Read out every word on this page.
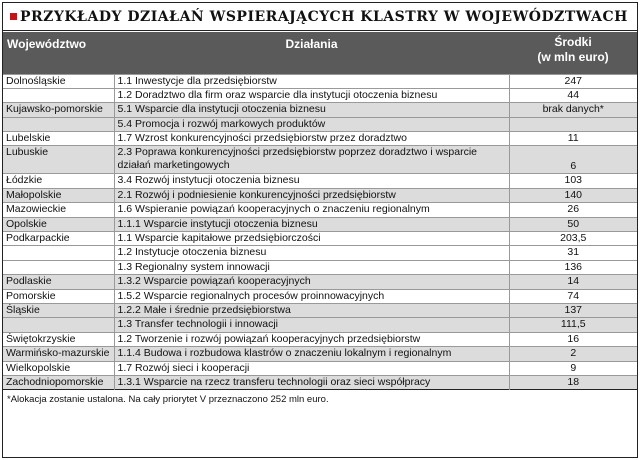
PRZYKŁADY DZIAŁAŃ WSPIERAJĄCYCH KLASTRY W WOJEWÓDZTWACH
Województwo	Działania	Środki
(w mln euro)

Dolnośląskie	1.1 Inwestycje dla przedsiębiorstw	247
	1.2 Doradztwo dla firm oraz wsparcie dla instytucji otoczenia biznesu	44
Kujawsko-pomorskie	5.1 Wsparcie dla instytucji otoczenia biznesu	brak danych*
	5.4 Promocja i rozwój markowych produktów	
Lubelskie	1.7 Wzrost konkurencyjności przedsiębiorstw przez doradztwo	11
Lubuskie	2.3 Poprawa konkurencyjności przedsiębiorstw poprzez doradztwo i wsparcie działań marketingowych	6
Łódzkie	3.4 Rozwój instytucji otoczenia biznesu	103
Małopolskie	2.1 Rozwój i podniesienie konkurencyjności przedsiębiorstw	140
Mazowieckie	1.6 Wspieranie powiązań kooperacyjnych o znaczeniu regionalnym	26
Opolskie	1.1.1 Wsparcie instytucji otoczenia biznesu	50
Podkarpackie	1.1 Wsparcie kapitałowe przedsiębiorczości	203,5
	1.2 Instytucje otoczenia biznesu	31
	1.3 Regionalny system innowacji	136
Podlaskie	1.3.2 Wsparcie powiązań kooperacyjnych	14
Pomorskie	1.5.2 Wsparcie regionalnych procesów proinnowacyjnych	74
Śląskie	1.2.2 Małe i średnie przedsiębiorstwa	137
	1.3 Transfer technologii i innowacji	111,5
Świętokrzyskie	1.2 Tworzenie i rozwój powiązań kooperacyjnych przedsiębiorstw	16
Warmińsko-mazurskie	1.1.4 Budowa i rozbudowa klastrów o znaczeniu lokalnym i regionalnym	2
Wielkopolskie	1.7 Rozwój sieci i kooperacji	9
Zachodniopomorskie	1.3.1 Wsparcie na rzecz transferu technologii oraz sieci współpracy	18
*Alokacja zostanie ustalona. Na cały priorytet V przeznaczono 252 mln euro.		
